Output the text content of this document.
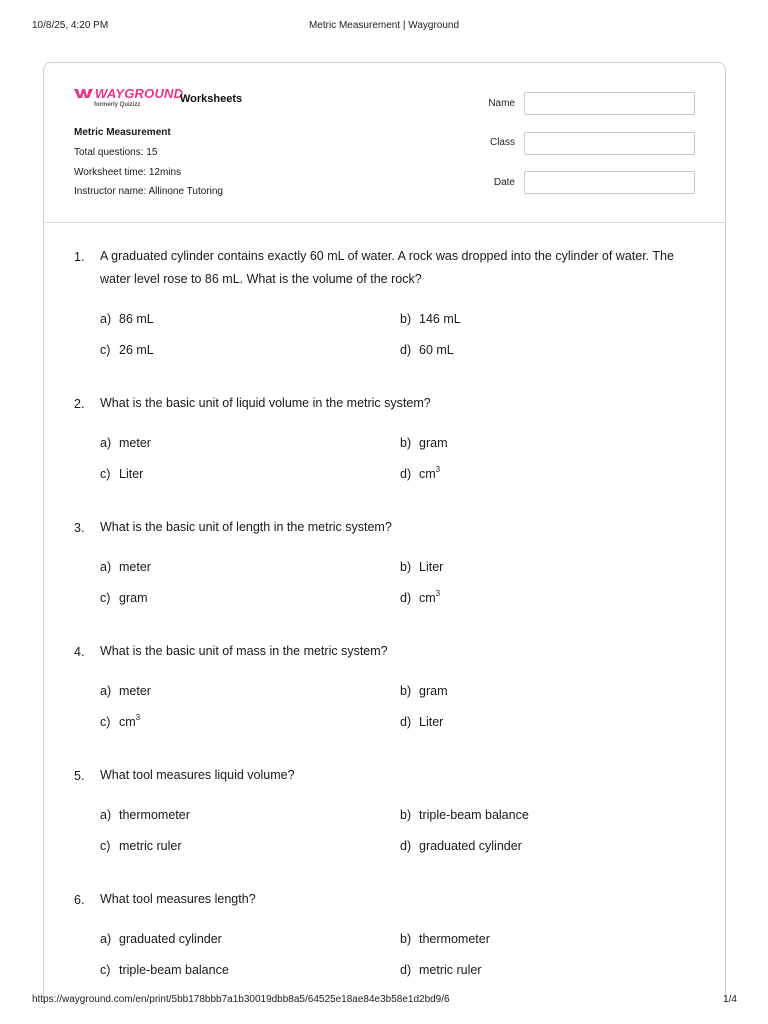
10/8/25, 4:20 PM	Metric Measurement | Wayground
WAYGROUND
formerly Quizizz	Worksheets
Metric Measurement
Total questions: 15
Worksheet time: 12mins
Instructor name: Allinone Tutoring
Name
Class
Date
1. A graduated cylinder contains exactly 60 mL of water. A rock was dropped into the cylinder of water. The water level rose to 86 mL. What is the volume of the rock?
a) 86 mL	b) 146 mL
c) 26 mL	d) 60 mL
2. What is the basic unit of liquid volume in the metric system?
a) meter	b) gram
c) Liter	d) $cm^3$
3. What is the basic unit of length in the metric system?
a) meter	b) Liter
c) gram	d) $cm^3$
4. What is the basic unit of mass in the metric system?
a) meter	b) gram
c) $cm^3$	d) Liter
5. What tool measures liquid volume?
a) thermometer	b) triple-beam balance
c) metric ruler	d) graduated cylinder
6. What tool measures length?
a) graduated cylinder	b) thermometer
c) triple-beam balance	d) metric ruler
https://wayground.com/en/print/5bb178bbb7a1b30019dbb8a5/64525e18ae84e3b58e1d2bd9/6	1/4
